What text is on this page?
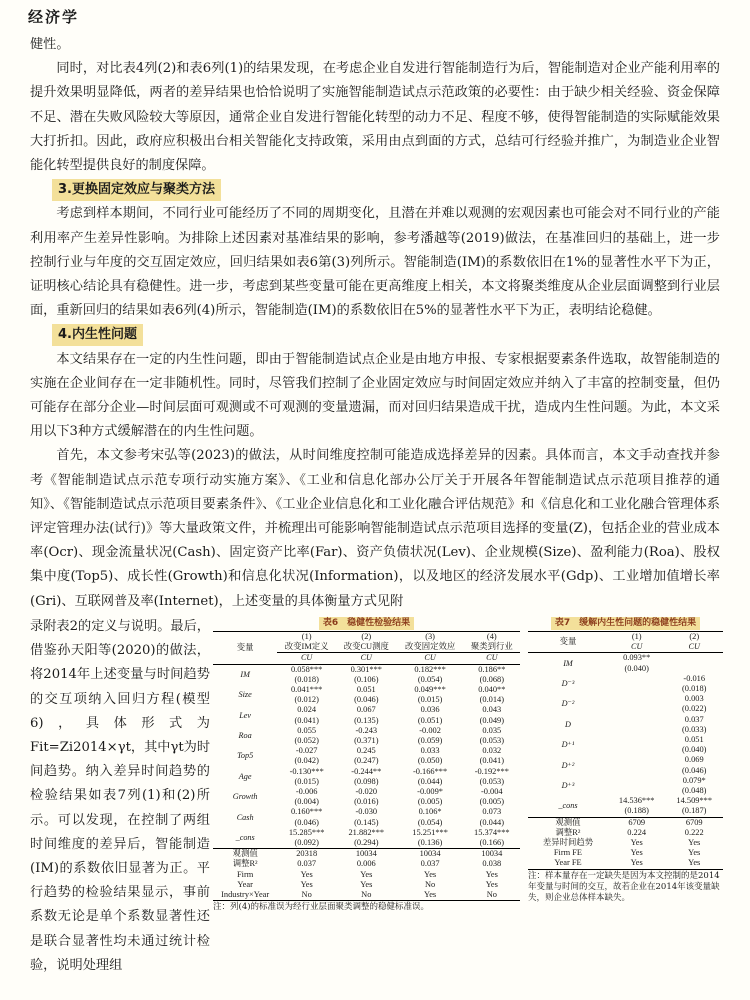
经济学

健性。

同时，对比表4列(2)和表6列(1)的结果发现，在考虑企业自发进行智能制造行为后，智能制造对企业产能利用率的提升效果明显降低，两者的差异结果也恰恰说明了实施智能制造试点示范政策的必要性：由于缺少相关经验、资金保障不足、潜在失败风险较大等原因，通常企业自发进行智能化转型的动力不足、程度不够，使得智能制造的实际赋能效果大打折扣。因此，政府应积极出台相关智能化支持政策，采用由点到面的方式，总结可行经验并推广，为制造业企业智能化转型提供良好的制度保障。

3.更换固定效应与聚类方法

考虑到样本期间，不同行业可能经历了不同的周期变化，且潜在并难以观测的宏观因素也可能会对不同行业的产能利用率产生差异性影响。为排除上述因素对基准结果的影响，参考潘越等(2019)做法，在基准回归的基础上，进一步控制行业与年度的交互固定效应，回归结果如表6第(3)列所示。智能制造(IM)的系数依旧在1%的显著性水平下为正，证明核心结论具有稳健性。进一步，考虑到某些变量可能在更高维度上相关，本文将聚类维度从企业层面调整到行业层面，重新回归的结果如表6列(4)所示，智能制造(IM)的系数依旧在5%的显著性水平下为正，表明结论稳健。

4.内生性问题

本文结果存在一定的内生性问题，即由于智能制造试点企业是由地方申报、专家根据要素条件选取，故智能制造的实施在企业间存在一定非随机性。同时，尽管我们控制了企业固定效应与时间固定效应并纳入了丰富的控制变量，但仍可能存在部分企业—时间层面可观测或不可观测的变量遗漏，而对回归结果造成干扰，造成内生性问题。为此，本文采用以下3种方式缓解潜在的内生性问题。

首先，本文参考宋弘等(2023)的做法，从时间维度控制可能造成选择差异的因素。具体而言，本文手动查找并参考《智能制造试点示范专项行动实施方案》、《工业和信息化部办公厅关于开展各年智能制造试点示范项目推荐的通知》、《智能制造试点示范项目要素条件》、《工业企业信息化和工业化融合评估规范》和《信息化和工业化融合管理体系评定管理办法(试行)》等大量政策文件，并梳理出可能影响智能制造试点示范项目选择的变量(Z)，包括企业的营业成本率(Ocr)、现金流量状况(Cash)、固定资产比率(Far)、资产负债状况(Lev)、企业规模(Size)、盈利能力(Roa)、股权集中度(Top5)、成长性(Growth)和信息化状况(Information)，以及地区的经济发展水平(Gdp)、工业增加值增长率(Gri)、互联网普及率(Internet)，上述变量的具体衡量方式见附

录附表2的定义与说明。最后，借鉴孙天阳等(2020)的做法，将2014年上述变量与时间趋势的交互项纳入回归方程(模型6)，具体形式为 Fit=Zi2014×γt，其中γt为时间趋势。纳入差异时间趋势的检验结果如表7列(1)和(2)所示。可以发现，在控制了两组时间维度的差异后，智能制造(IM)的系数依旧显著为正。平行趋势的检验结果显示，事前系数无论是单个系数显著性还是联合显著性均未通过统计检验，说明处理组

表6　稳健性检验结果
变量	(1)	(2)	(3)	(4)
	改变IM定义	改变CU测度	改变固定效应	聚类到行业
	CU	CU	CU	CU
IM	0.058***	0.301***	0.182***	0.186**
	(0.018)	(0.106)	(0.054)	(0.068)
Size	0.041***	0.051	0.049***	0.040**
	(0.012)	(0.046)	(0.015)	(0.014)
Lev	0.024	0.067	0.036	0.043
	(0.041)	(0.135)	(0.051)	(0.049)
Roa	0.055	-0.243	-0.002	0.035
	(0.052)	(0.371)	(0.059)	(0.053)
Top5	-0.027	0.245	0.033	0.032
	(0.042)	(0.247)	(0.050)	(0.041)
Age	-0.130***	-0.244**	-0.166***	-0.192***
	(0.015)	(0.098)	(0.044)	(0.053)
Growth	-0.006	-0.020	-0.009*	-0.004
	(0.004)	(0.016)	(0.005)	(0.005)
Cash	0.160***	-0.030	0.106*	0.073
	(0.046)	(0.145)	(0.054)	(0.044)
_cons	15.285***	21.882***	15.251***	15.374***
	(0.092)	(0.294)	(0.136)	(0.166)
观测值	20318	10034	10034	10034
调整R²	0.037	0.006	0.037	0.038
Firm	Yes	Yes	Yes	Yes
Year	Yes	Yes	No	Yes
Industry×Year	No	No	Yes	No
注：列(4)的标准误为经行业层面聚类调整的稳健标准误。
表7　缓解内生性问题的稳健性结果
变量	(1)	(2)
	CU	CU
IM	0.093**	
	(0.040)	
D⁻³		-0.016
		(0.018)
D⁻²		0.003
		(0.022)
D		0.037
		(0.033)
D⁺¹		0.051
		(0.040)
D⁺²		0.069
		(0.046)
D⁺³		0.079*
		(0.048)
_cons	14.536***	14.509***
	(0.188)	(0.187)
观测值	6709	6709
调整R²	0.224	0.222
差异时间趋势	Yes	Yes
Firm FE	Yes	Yes
Year FE	Yes	Yes
注：样本量存在一定缺失是因为本文控制的是2014年变量与时间的交互，故若企业在2014年该变量缺失，则企业总体样本缺失。
